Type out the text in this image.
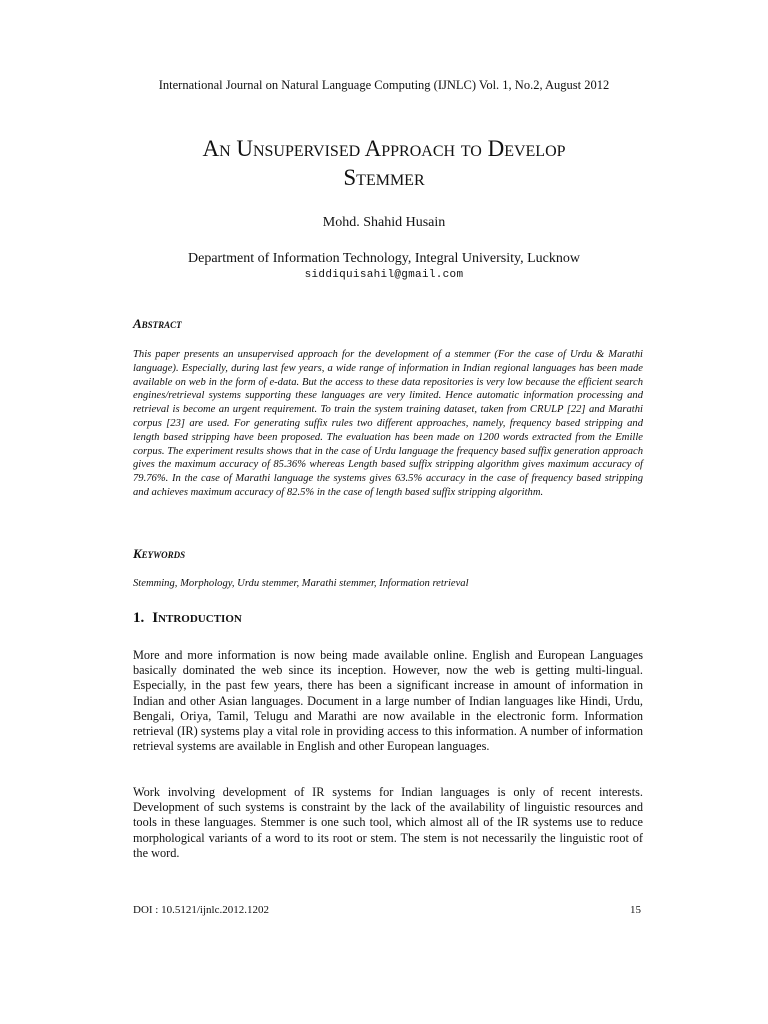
International Journal on Natural Language Computing (IJNLC) Vol. 1, No.2, August 2012
An Unsupervised Approach to Develop
Stemmer
Mohd. Shahid Husain
Department of Information Technology, Integral University, Lucknow
siddiquisahil@gmail.com
Abstract
This paper presents an unsupervised approach for the development of a stemmer (For the case of Urdu & Marathi language). Especially, during last few years, a wide range of information in Indian regional languages has been made available on web in the form of e-data. But the access to these data repositories is very low because the efficient search engines/retrieval systems supporting these languages are very limited. Hence automatic information processing and retrieval is become an urgent requirement. To train the system training dataset, taken from CRULP [22] and Marathi corpus [23] are used. For generating suffix rules two different approaches, namely, frequency based stripping and length based stripping have been proposed. The evaluation has been made on 1200 words extracted from the Emille corpus. The experiment results shows that in the case of Urdu language the frequency based suffix generation approach gives the maximum accuracy of 85.36% whereas Length based suffix stripping algorithm gives maximum accuracy of 79.76%. In the case of Marathi language the systems gives 63.5% accuracy in the case of frequency based stripping and achieves maximum accuracy of 82.5% in the case of length based suffix stripping algorithm.
Keywords
Stemming, Morphology, Urdu stemmer, Marathi stemmer, Information retrieval
1. Introduction
More and more information is now being made available online. English and European Languages basically dominated the web since its inception. However, now the web is getting multi-lingual. Especially, in the past few years, there has been a significant increase in amount of information in Indian and other Asian languages. Document in a large number of Indian languages like Hindi, Urdu, Bengali, Oriya, Tamil, Telugu and Marathi are now available in the electronic form. Information retrieval (IR) systems play a vital role in providing access to this information. A number of information retrieval systems are available in English and other European languages.
Work involving development of IR systems for Indian languages is only of recent interests. Development of such systems is constraint by the lack of the availability of linguistic resources and tools in these languages. Stemmer is one such tool, which almost all of the IR systems use to reduce morphological variants of a word to its root or stem. The stem is not necessarily the linguistic root of the word.
DOI : 10.5121/ijnlc.2012.1202	15
